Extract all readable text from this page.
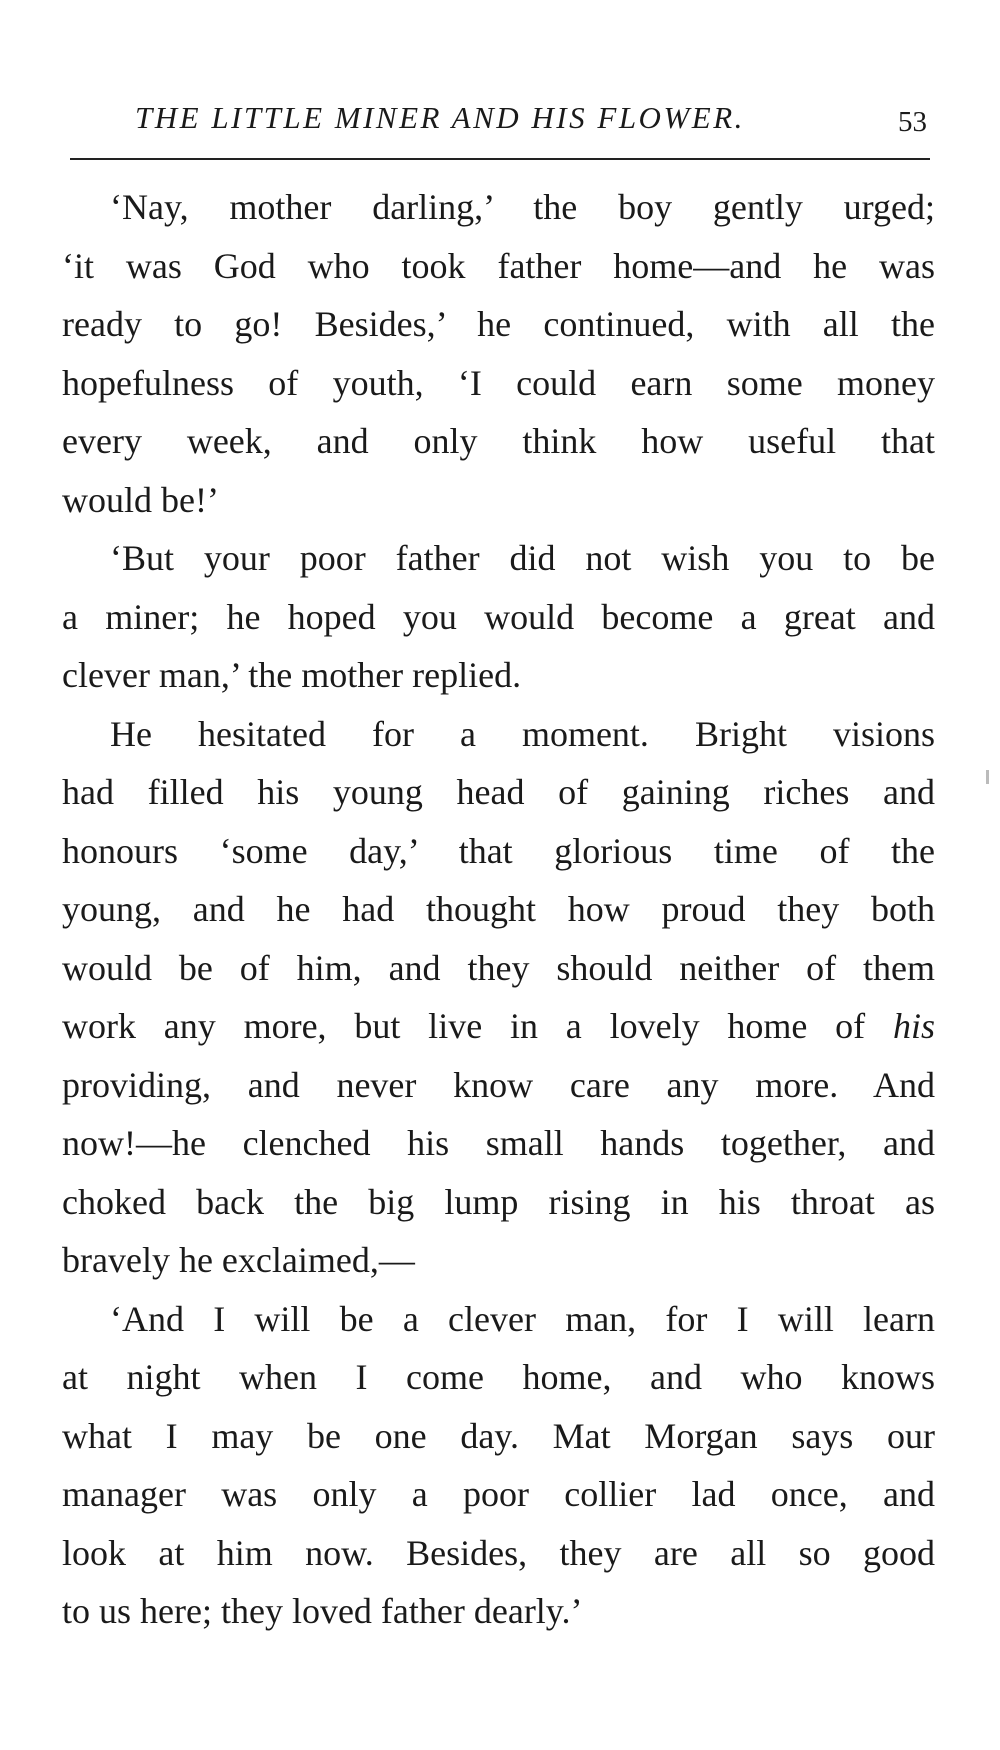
THE LITTLE MINER AND HIS FLOWER.	53

‘Nay, mother darling,’ the boy gently urged;
‘it was God who took father home—and he was
ready to go! Besides,’ he continued, with all the
hopefulness of youth, ‘I could earn some money
every week, and only think how useful that
would be!’

‘But your poor father did not wish you to be
a miner; he hoped you would become a great and
clever man,’ the mother replied.

He hesitated for a moment. Bright visions
had filled his young head of gaining riches and
honours ‘some day,’ that glorious time of the
young, and he had thought how proud they both
would be of him, and they should neither of them
work any more, but live in a lovely home of his
providing, and never know care any more. And
now!—he clenched his small hands together, and
choked back the big lump rising in his throat as
bravely he exclaimed,—

‘And I will be a clever man, for I will learn
at night when I come home, and who knows
what I may be one day. Mat Morgan says our
manager was only a poor collier lad once, and
look at him now. Besides, they are all so good
to us here; they loved father dearly.’
